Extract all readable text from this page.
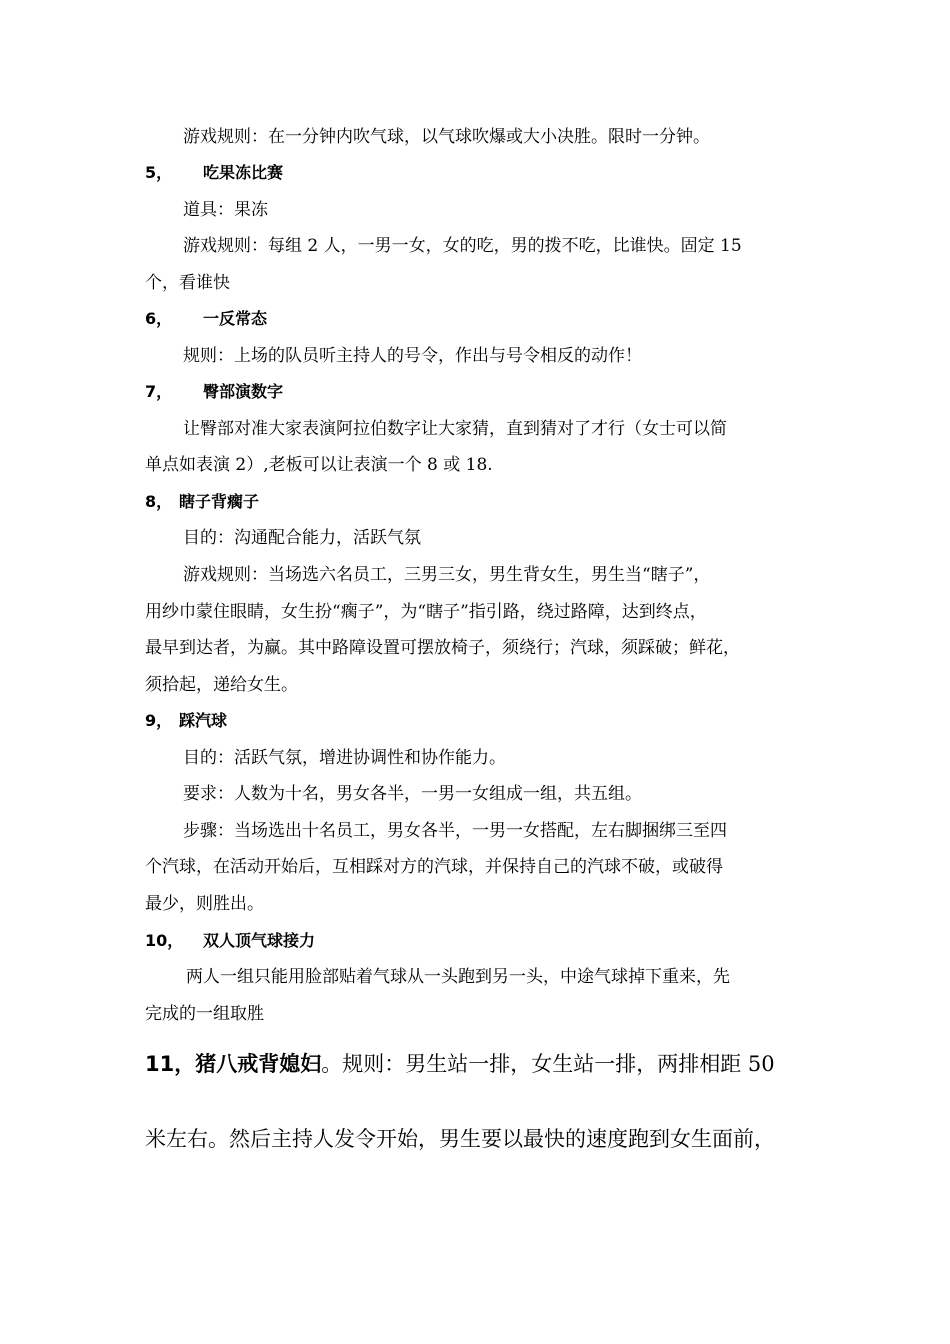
游戏规则：在一分钟内吹气球，以气球吹爆或大小决胜。限时一分钟。
5， 吃果冻比赛
道具：果冻
游戏规则：每组 2 人，一男一女，女的吃，男的拨不吃，比谁快。固定 15
个，看谁快
6， 一反常态
规则：上场的队员听主持人的号令，作出与号令相反的动作！
7， 臀部演数字
让臀部对准大家表演阿拉伯数字让大家猜，直到猜对了才行（女士可以简
单点如表演 2）,老板可以让表演一个 8 或 18.
8， 瞎子背瘸子
目的：沟通配合能力，活跃气氛
游戏规则：当场选六名员工，三男三女，男生背女生，男生当“瞎子”，
用纱巾蒙住眼睛，女生扮“瘸子”，为“瞎子”指引路，绕过路障，达到终点，
最早到达者，为赢。其中路障设置可摆放椅子，须绕行；汽球，须踩破；鲜花，
须拾起，递给女生。
9， 踩汽球
目的：活跃气氛，增进协调性和协作能力。
要求：人数为十名，男女各半，一男一女组成一组，共五组。
步骤：当场选出十名员工，男女各半，一男一女搭配，左右脚捆绑三至四
个汽球，在活动开始后，互相踩对方的汽球，并保持自己的汽球不破，或破得
最少，则胜出。
10， 双人顶气球接力
两人一组只能用脸部贴着气球从一头跑到另一头，中途气球掉下重来，先
完成的一组取胜
11，猪八戒背媳妇。规则：男生站一排，女生站一排，两排相距 50
米左右。然后主持人发令开始，男生要以最快的速度跑到女生面前，
